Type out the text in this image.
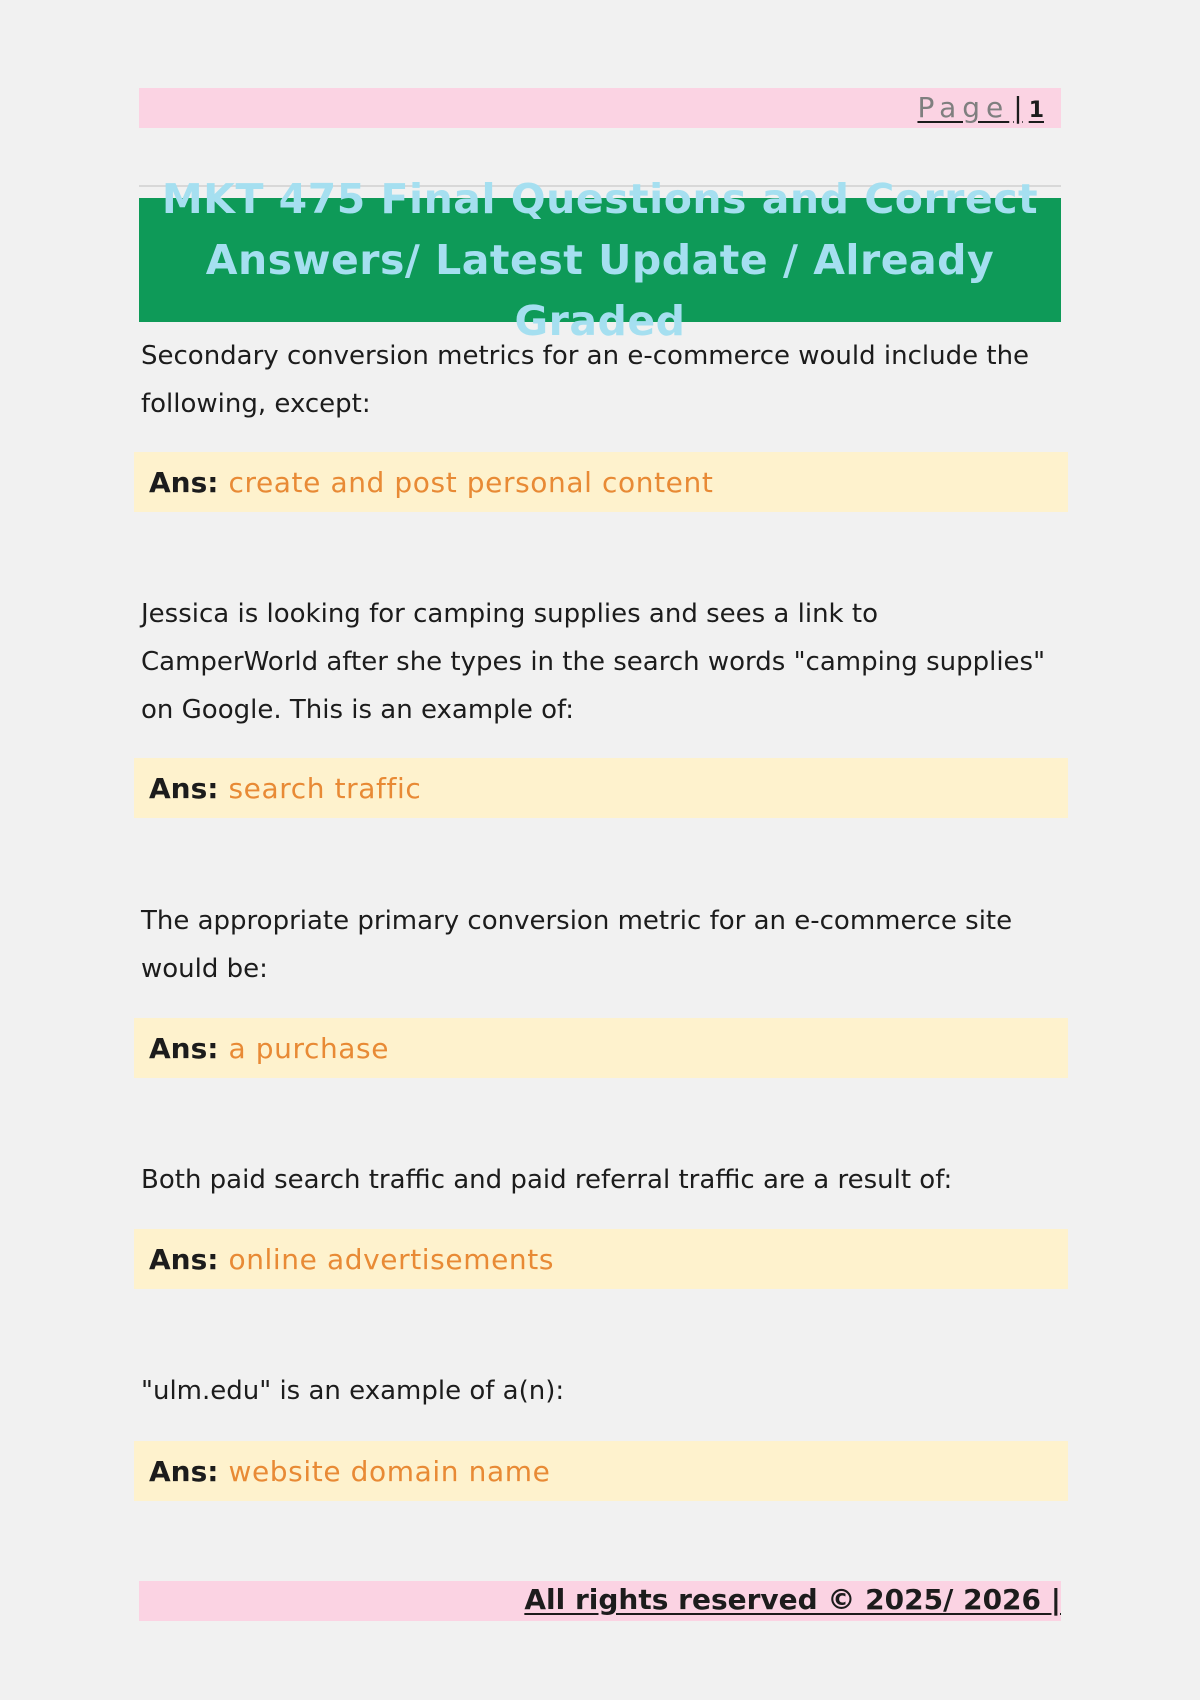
Page | 1
MKT 475 Final Questions and Correct
Answers/ Latest Update / Already Graded
Secondary conversion metrics for an e-commerce would include the following, except:
Ans: create and post personal content
Jessica is looking for camping supplies and sees a link to CamperWorld after she types in the search words "camping supplies" on Google. This is an example of:
Ans: search traffic
The appropriate primary conversion metric for an e-commerce site would be:
Ans: a purchase
Both paid search traffic and paid referral traffic are a result of:
Ans: online advertisements
"ulm.edu" is an example of a(n):
Ans: website domain name
All rights reserved © 2025/ 2026 |
